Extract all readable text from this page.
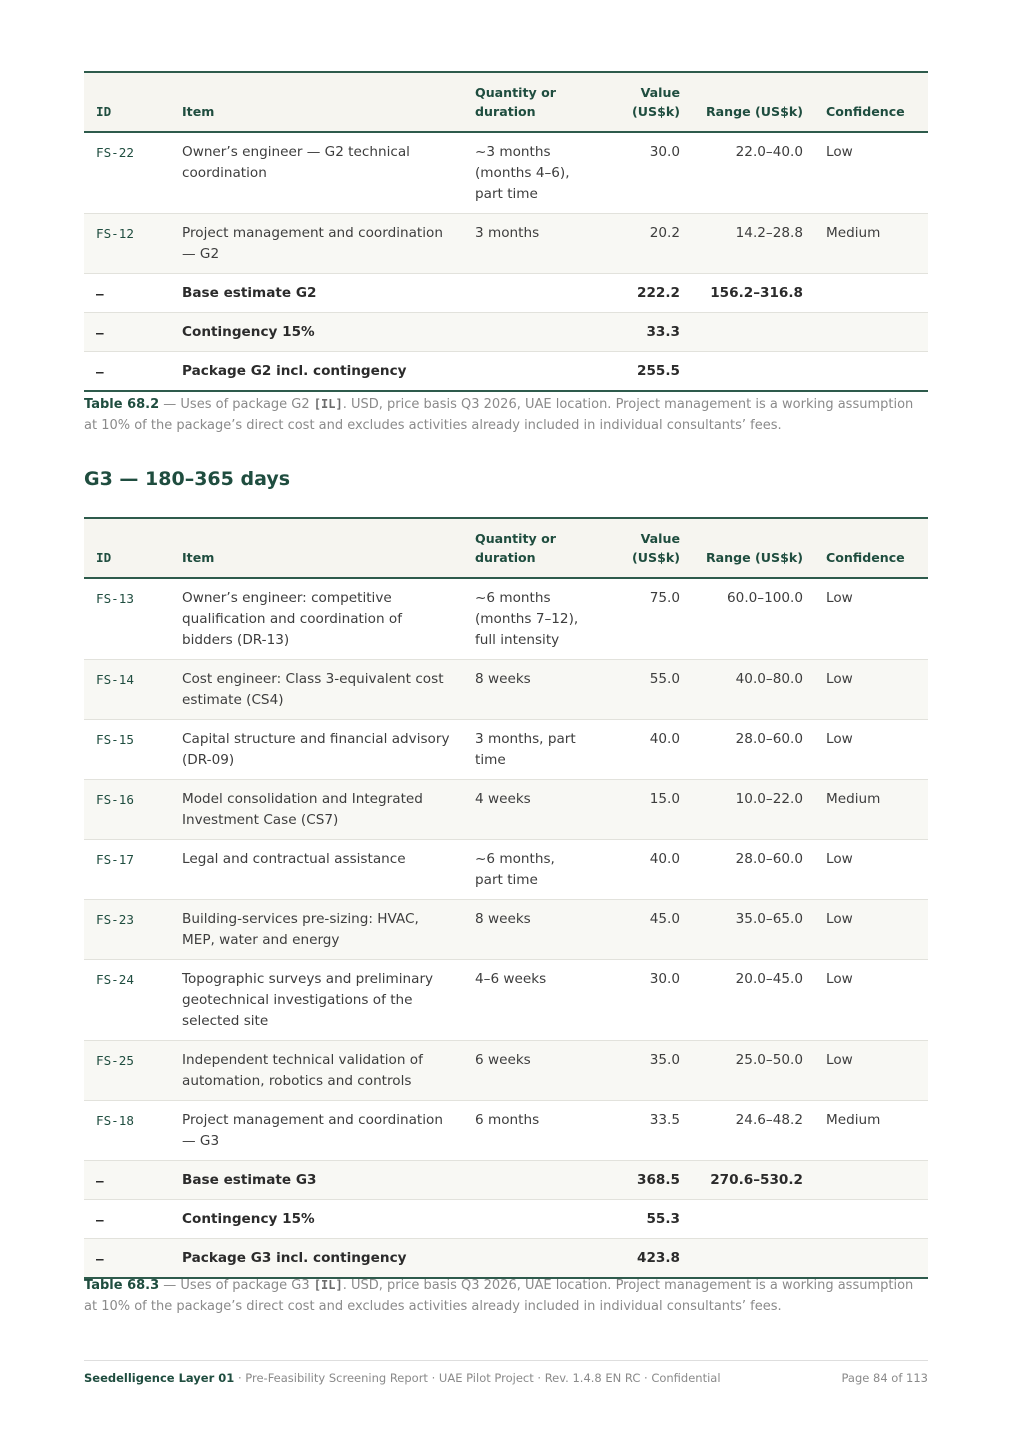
ID	Item	Quantity or duration	Value (US$k)	Range (US$k)	Confidence
FS-22	Owner’s engineer — G2 technical coordination	~3 months (months 4–6), part time	30.0	22.0–40.0	Low
FS-12	Project management and coordination — G2	3 months	20.2	14.2–28.8	Medium
–	Base estimate G2		222.2	156.2–316.8	
–	Contingency 15%		33.3		
–	Package G2 incl. contingency		255.5		
Table 68.2 — Uses of package G2 [IL]. USD, price basis Q3 2026, UAE location. Project management is a working assumption at 10% of the package’s direct cost and excludes activities already included in individual consultants’ fees.
G3 — 180–365 days
ID	Item	Quantity or duration	Value (US$k)	Range (US$k)	Confidence
FS-13	Owner’s engineer: competitive qualification and coordination of bidders (DR-13)	~6 months (months 7–12), full intensity	75.0	60.0–100.0	Low
FS-14	Cost engineer: Class 3-equivalent cost estimate (CS4)	8 weeks	55.0	40.0–80.0	Low
FS-15	Capital structure and financial advisory (DR-09)	3 months, part time	40.0	28.0–60.0	Low
FS-16	Model consolidation and Integrated Investment Case (CS7)	4 weeks	15.0	10.0–22.0	Medium
FS-17	Legal and contractual assistance	~6 months, part time	40.0	28.0–60.0	Low
FS-23	Building-services pre-sizing: HVAC, MEP, water and energy	8 weeks	45.0	35.0–65.0	Low
FS-24	Topographic surveys and preliminary geotechnical investigations of the selected site	4–6 weeks	30.0	20.0–45.0	Low
FS-25	Independent technical validation of automation, robotics and controls	6 weeks	35.0	25.0–50.0	Low
FS-18	Project management and coordination — G3	6 months	33.5	24.6–48.2	Medium
–	Base estimate G3		368.5	270.6–530.2	
–	Contingency 15%		55.3		
–	Package G3 incl. contingency		423.8		
Table 68.3 — Uses of package G3 [IL]. USD, price basis Q3 2026, UAE location. Project management is a working assumption at 10% of the package’s direct cost and excludes activities already included in individual consultants’ fees.
Seedelligence Layer 01 · Pre-Feasibility Screening Report · UAE Pilot Project · Rev. 1.4.8 EN RC · Confidential	Page 84 of 113
